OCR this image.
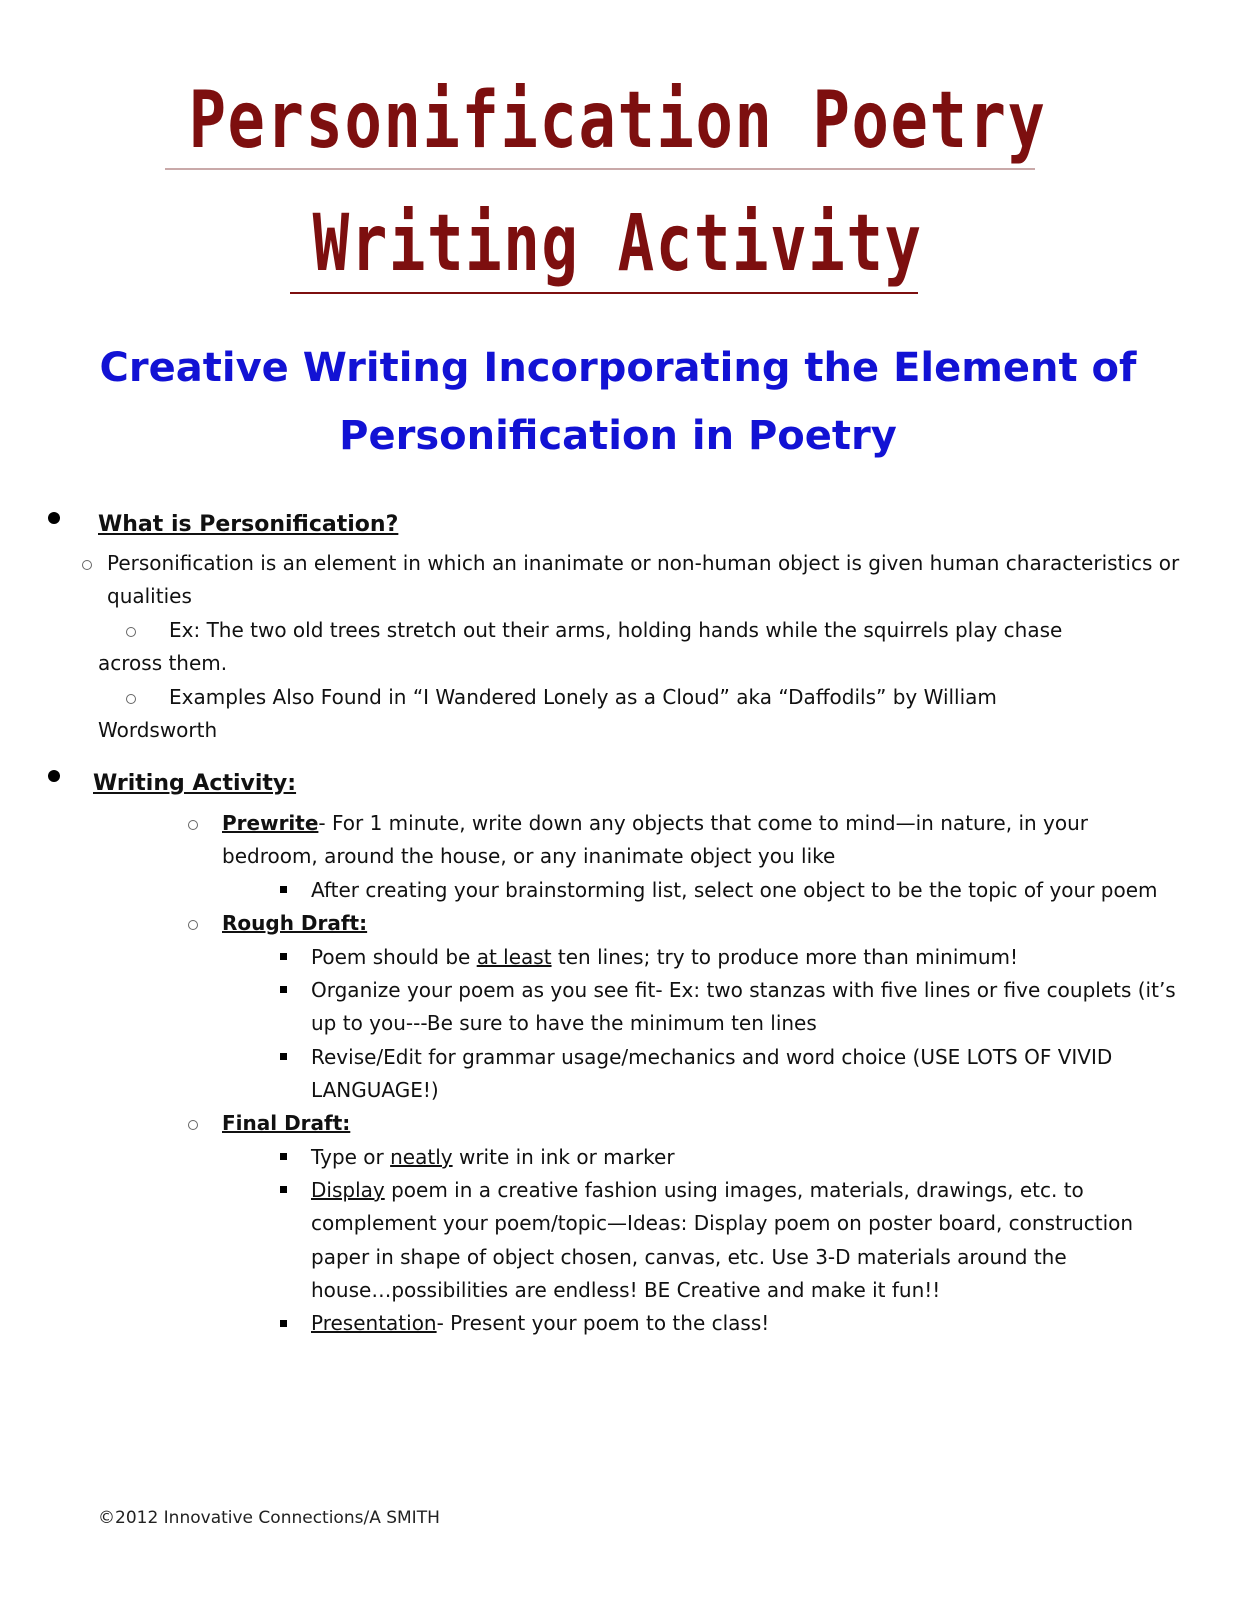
Personification Poetry
Writing Activity
Creative Writing Incorporating the Element of
Personification in Poetry
What is Personification?
Personification is an element in which an inanimate or non-human object is given human characteristics or
qualities
Ex: The two old trees stretch out their arms, holding hands while the squirrels play chase
across them.
Examples Also Found in “I Wandered Lonely as a Cloud” aka “Daffodils” by William
Wordsworth
Writing Activity:
Prewrite- For 1 minute, write down any objects that come to mind—in nature, in your
bedroom, around the house, or any inanimate object you like
After creating your brainstorming list, select one object to be the topic of your poem
Rough Draft:
Poem should be at least ten lines; try to produce more than minimum!
Organize your poem as you see fit- Ex: two stanzas with five lines or five couplets (it’s
up to you---Be sure to have the minimum ten lines
Revise/Edit for grammar usage/mechanics and word choice (USE LOTS OF VIVID
LANGUAGE!)
Final Draft:
Type or neatly write in ink or marker
Display poem in a creative fashion using images, materials, drawings, etc. to
complement your poem/topic—Ideas: Display poem on poster board, construction
paper in shape of object chosen, canvas, etc. Use 3-D materials around the
house…possibilities are endless! BE Creative and make it fun!!
Presentation- Present your poem to the class!
©2012 Innovative Connections/A SMITH
